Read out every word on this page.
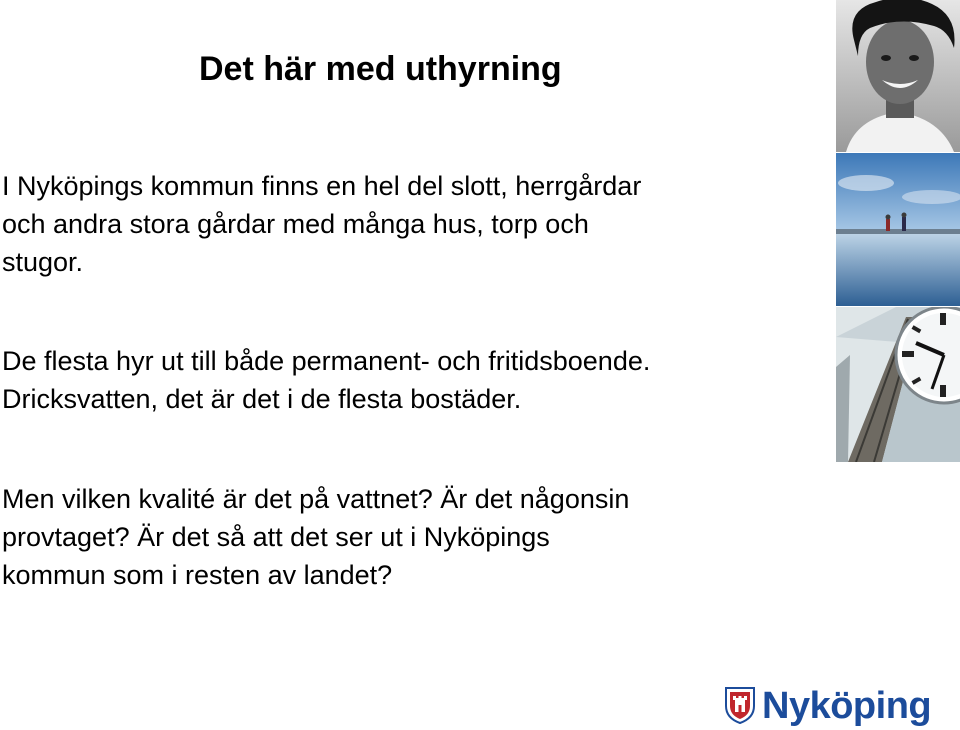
Det här med uthyrning
I Nyköpings kommun finns en hel del slott, herrgårdar
och andra stora gårdar med många hus, torp och
stugor.
De flesta hyr ut till både permanent- och fritidsboende.
Dricksvatten, det är det i de flesta bostäder.
Men vilken kvalité är det på vattnet? Är det någonsin
provtaget? Är det så att det ser ut i Nyköpings
kommun som i resten av landet?
Nyköping
